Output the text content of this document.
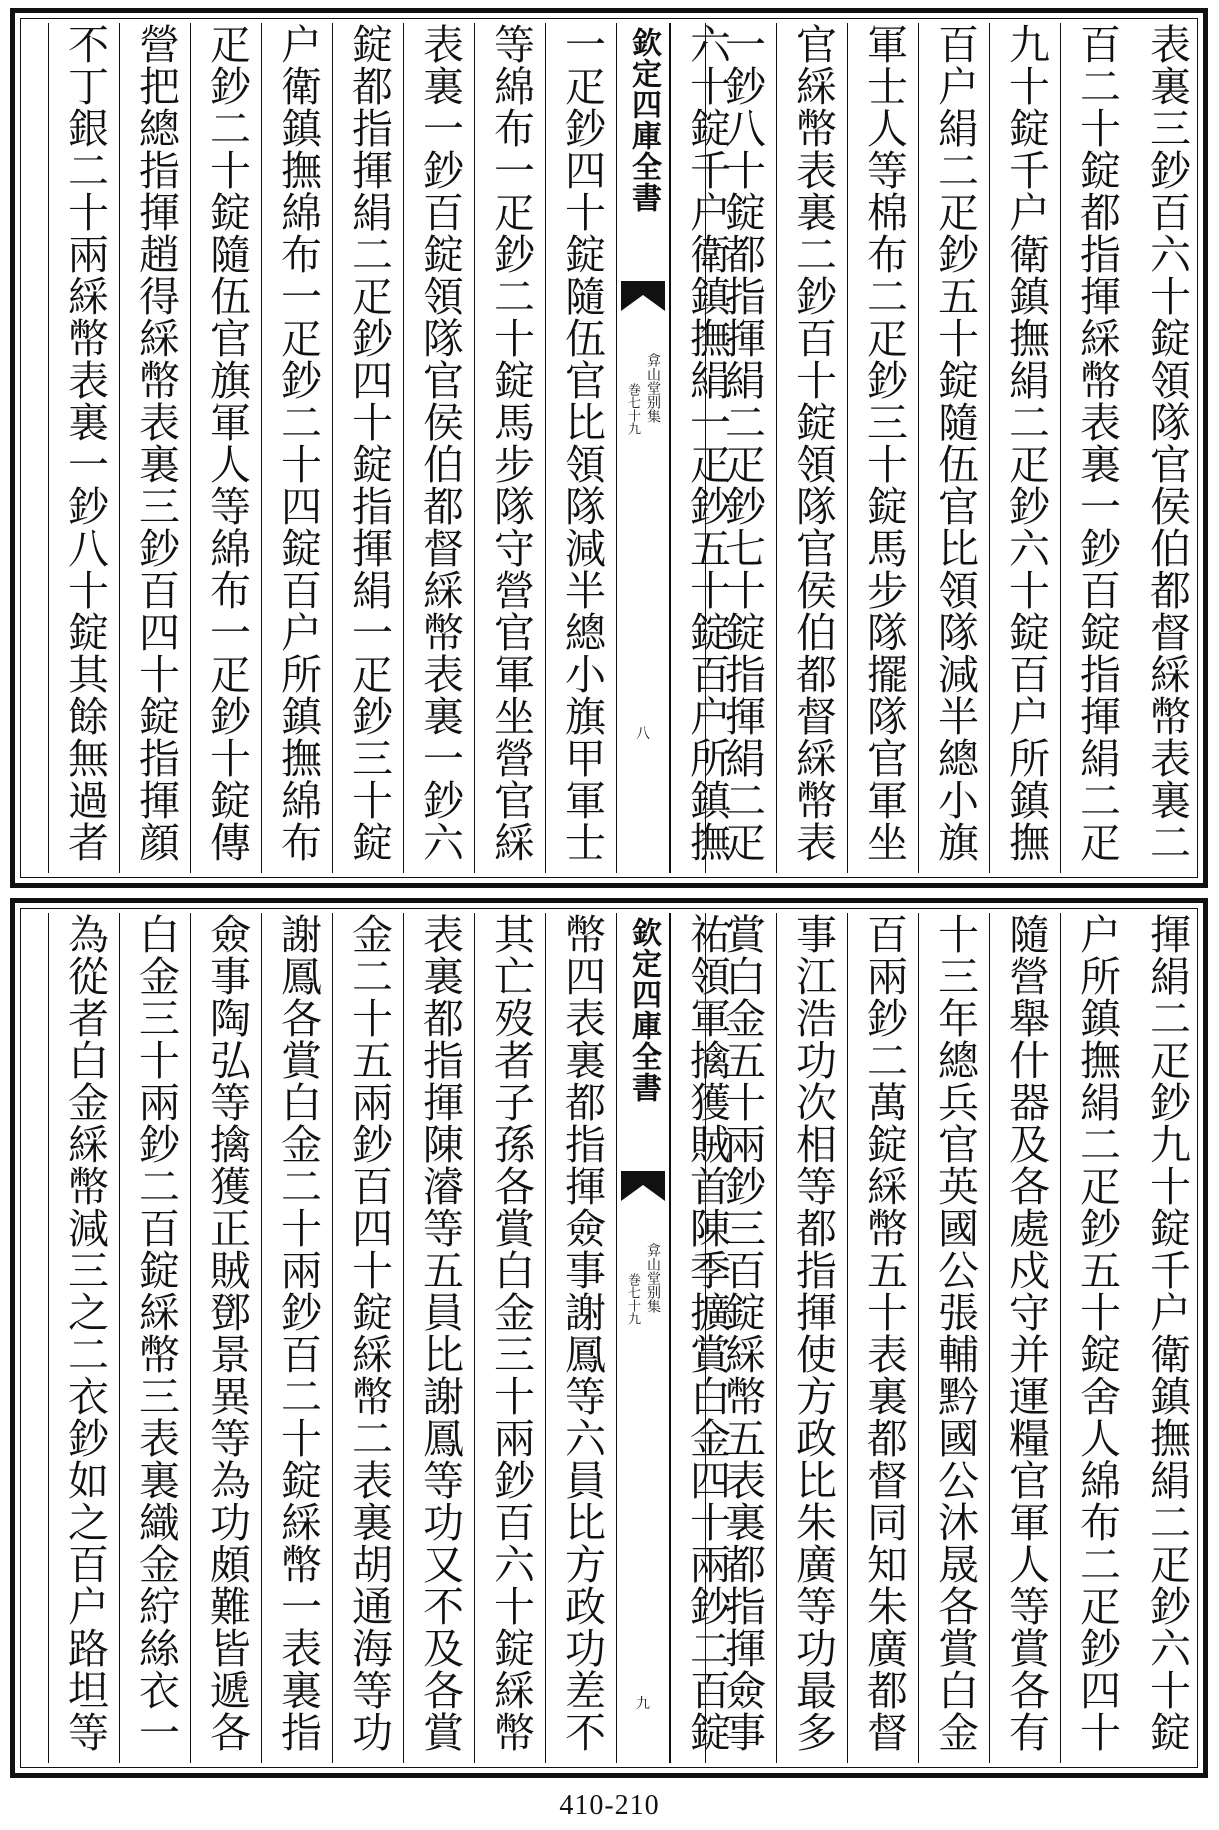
表裏三鈔百六十錠領隊官侯伯都督綵幣表裏二
百二十錠都指揮綵幣表裏一鈔百錠指揮絹二疋
九十錠千户衛鎮撫絹二疋鈔六十錠百户所鎮撫
百户絹二疋鈔五十錠隨伍官比領隊減半總小旗
軍士人等棉布二疋鈔三十錠馬步隊擺隊官軍坐
官綵幣表裏二鈔百十錠領隊官侯伯都督綵幣表
一鈔八十錠都指揮絹二疋鈔七十錠指揮絹二疋
六十錠千户衛鎮撫絹一疋鈔五十錠百户所鎮撫
欽定四庫全書
弇山堂别集
巻七十九
八
一疋鈔四十錠隨伍官比領隊減半總小旗甲軍士
等綿布一疋鈔二十錠馬步隊守營官軍坐營官綵
表裏一鈔百錠領隊官侯伯都督綵幣表裏一鈔六
錠都指揮絹二疋鈔四十錠指揮絹一疋鈔三十錠
户衛鎮撫綿布一疋鈔二十四錠百户所鎮撫綿布
疋鈔二十錠隨伍官旗軍人等綿布一疋鈔十錠傳
營把總指揮趙得綵幣表裏三鈔百四十錠指揮顔
不丁銀二十兩綵幣表裏一鈔八十錠其餘無過者
揮絹二疋鈔九十錠千户衛鎮撫絹二疋鈔六十錠
户所鎮撫絹二疋鈔五十錠舍人綿布二疋鈔四十
隨營舉什器及各處戍守并運糧官軍人等賞各有
十三年總兵官英國公張輔黔國公沐晟各賞白金
百兩鈔二萬錠綵幣五十表裏都督同知朱廣都督
事江浩功次相等都指揮使方政比朱廣等功最多
賞白金五十兩鈔三百錠綵幣五表裏都指揮僉事
祐領軍擒獲賊首陳季擴賞白金四十兩鈔二百錠
欽定四庫全書
弇山堂别集
巻七十九
九
幣四表裏都指揮僉事謝鳳等六員比方政功差不
其亡歿者子孫各賞白金三十兩鈔百六十錠綵幣
表裏都指揮陳濬等五員比謝鳳等功又不及各賞
金二十五兩鈔百四十錠綵幣二表裏胡通海等功
謝鳳各賞白金二十兩鈔百二十錠綵幣一表裏指
僉事陶弘等擒獲正賊鄧景異等為功頗難皆遞各
白金三十兩鈔二百錠綵幣三表裏織金紵絲衣一
為從者白金綵幣減三之二衣鈔如之百户路坦等
410-210
